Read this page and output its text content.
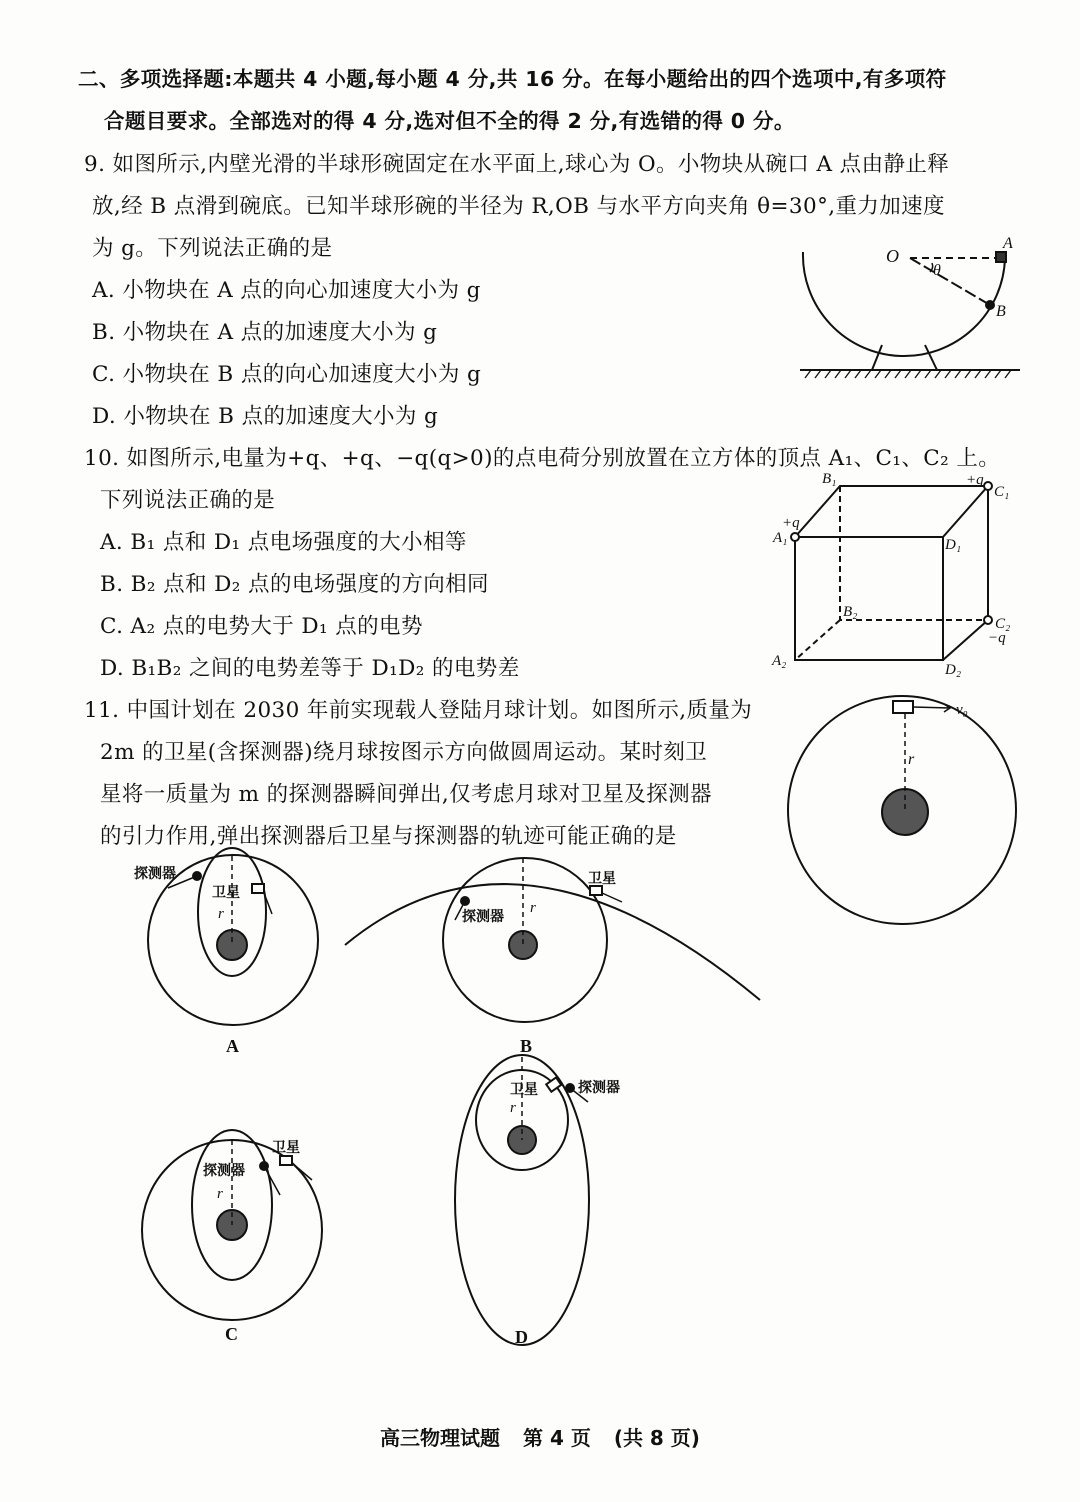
二、多项选择题:本题共 4 小题,每小题 4 分,共 16 分。在每小题给出的四个选项中,有多项符
合题目要求。全部选对的得 4 分,选对但不全的得 2 分,有选错的得 0 分。
9. 如图所示,内壁光滑的半球形碗固定在水平面上,球心为 O。小物块从碗口 A 点由静止释
放,经 B 点滑到碗底。已知半球形碗的半径为 R,OB 与水平方向夹角 θ=30°,重力加速度
为 g。下列说法正确的是
A. 小物块在 A 点的向心加速度大小为 g
B. 小物块在 A 点的加速度大小为 g
C. 小物块在 B 点的向心加速度大小为 g
D. 小物块在 B 点的加速度大小为 g
10. 如图所示,电量为+q、+q、−q(q>0)的点电荷分别放置在立方体的顶点 A₁、C₁、C₂ 上。
下列说法正确的是
A. B₁ 点和 D₁ 点电场强度的大小相等
B. B₂ 点和 D₂ 点的电场强度的方向相同
C. A₂ 点的电势大于 D₁ 点的电势
D. B₁B₂ 之间的电势差等于 D₁D₂ 的电势差
11. 中国计划在 2030 年前实现载人登陆月球计划。如图所示,质量为
2m 的卫星(含探测器)绕月球按图示方向做圆周运动。某时刻卫
星将一质量为 m 的探测器瞬间弹出,仅考虑月球对卫星及探测器
的引力作用,弹出探测器后卫星与探测器的轨迹可能正确的是
O
A
B
θ
B₁
C₁
+q
+q
A₁	D₁
B₂
C₂
−q
A₂
D₂
v₀
r
探测器
卫星
r
A
探测器
卫星
r
B
探测器
卫星
r
C
卫星	探测器
r
D
高三物理试题 第 4 页 (共 8 页)
